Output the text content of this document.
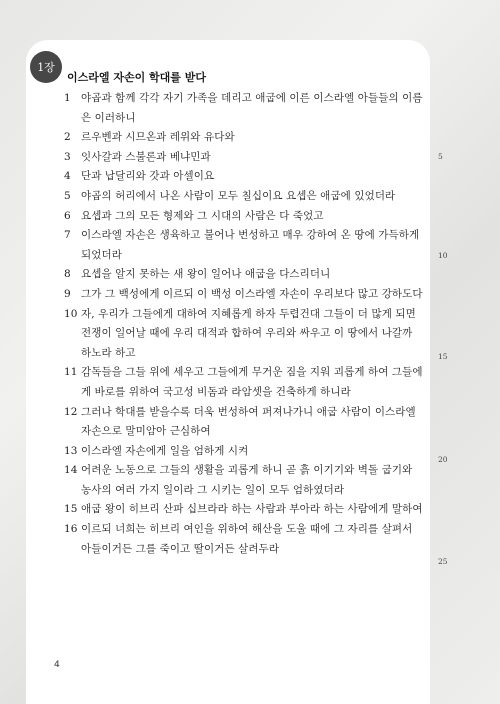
1장
이스라엘 자손이 학대를 받다
1 야곱과 함께 각각 자기 가족을 데리고 애굽에 이른 이스라엘 아들들의 이름은 이러하니
2 르우벤과 시므온과 레위와 유다와
3 잇사갈과 스불론과 베냐민과
4 단과 납달리와 갓과 아셀이요
5 야곱의 허리에서 나온 사람이 모두 칠십이요 요셉은 애굽에 있었더라
6 요셉과 그의 모든 형제와 그 시대의 사람은 다 죽었고
7 이스라엘 자손은 생육하고 불어나 번성하고 매우 강하여 온 땅에 가득하게 되었더라
8 요셉을 알지 못하는 새 왕이 일어나 애굽을 다스리더니
9 그가 그 백성에게 이르되 이 백성 이스라엘 자손이 우리보다 많고 강하도다
10 자, 우리가 그들에게 대하여 지혜롭게 하자 두렵건대 그들이 더 많게 되면 전쟁이 일어날 때에 우리 대적과 합하여 우리와 싸우고 이 땅에서 나갈까 하노라 하고
11 감독들을 그들 위에 세우고 그들에게 무거운 짐을 지워 괴롭게 하여 그들에게 바로를 위하여 국고성 비돔과 라암셋을 건축하게 하니라
12 그러나 학대를 받을수록 더욱 번성하여 퍼져나가니 애굽 사람이 이스라엘 자손으로 말미암아 근심하여
13 이스라엘 자손에게 일을 엄하게 시켜
14 어려운 노동으로 그들의 생활을 괴롭게 하니 곧 흙 이기기와 벽돌 굽기와 농사의 여러 가지 일이라 그 시키는 일이 모두 엄하였더라
15 애굽 왕이 히브리 산파 십브라라 하는 사람과 부아라 하는 사람에게 말하여
16 이르되 너희는 히브리 여인을 위하여 해산을 도울 때에 그 자리를 살펴서 아들이거든 그를 죽이고 딸이거든 살려두라
5
10
15
20
25
4
